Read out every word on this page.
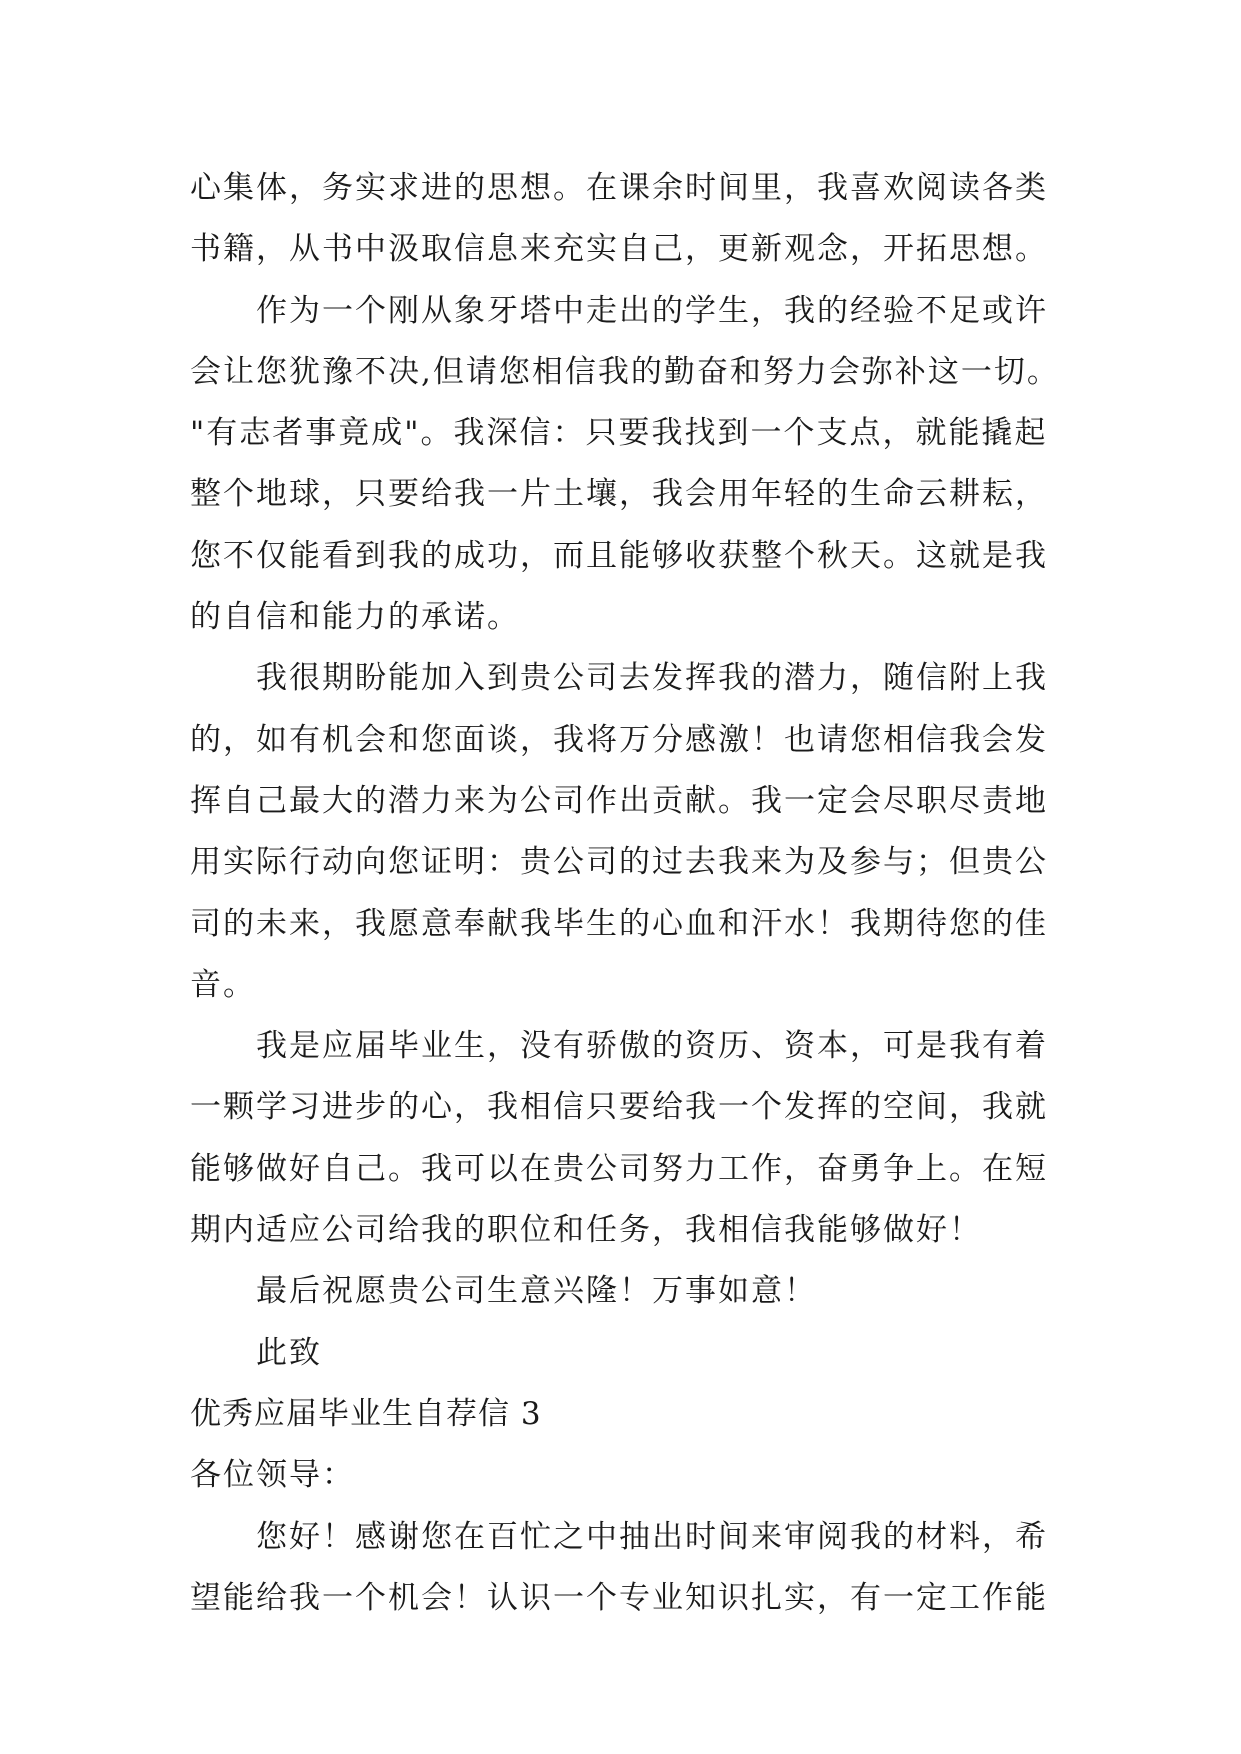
心集体，务实求进的思想。在课余时间里，我喜欢阅读各类
书籍，从书中汲取信息来充实自己，更新观念，开拓思想。
作为一个刚从象牙塔中走出的学生，我的经验不足或许
会让您犹豫不决,但请您相信我的勤奋和努力会弥补这一切。
"有志者事竟成"。我深信：只要我找到一个支点，就能撬起
整个地球，只要给我一片土壤，我会用年轻的生命云耕耘，
您不仅能看到我的成功，而且能够收获整个秋天。这就是我
的自信和能力的承诺。
我很期盼能加入到贵公司去发挥我的潜力，随信附上我
的，如有机会和您面谈，我将万分感激！也请您相信我会发
挥自己最大的潜力来为公司作出贡献。我一定会尽职尽责地
用实际行动向您证明：贵公司的过去我来为及参与；但贵公
司的未来，我愿意奉献我毕生的心血和汗水！我期待您的佳
音。
我是应届毕业生，没有骄傲的资历、资本，可是我有着
一颗学习进步的心，我相信只要给我一个发挥的空间，我就
能够做好自己。我可以在贵公司努力工作，奋勇争上。在短
期内适应公司给我的职位和任务，我相信我能够做好！
最后祝愿贵公司生意兴隆！万事如意！
此致
优秀应届毕业生自荐信 3
各位领导：
您好！感谢您在百忙之中抽出时间来审阅我的材料，希
望能给我一个机会！认识一个专业知识扎实，有一定工作能
